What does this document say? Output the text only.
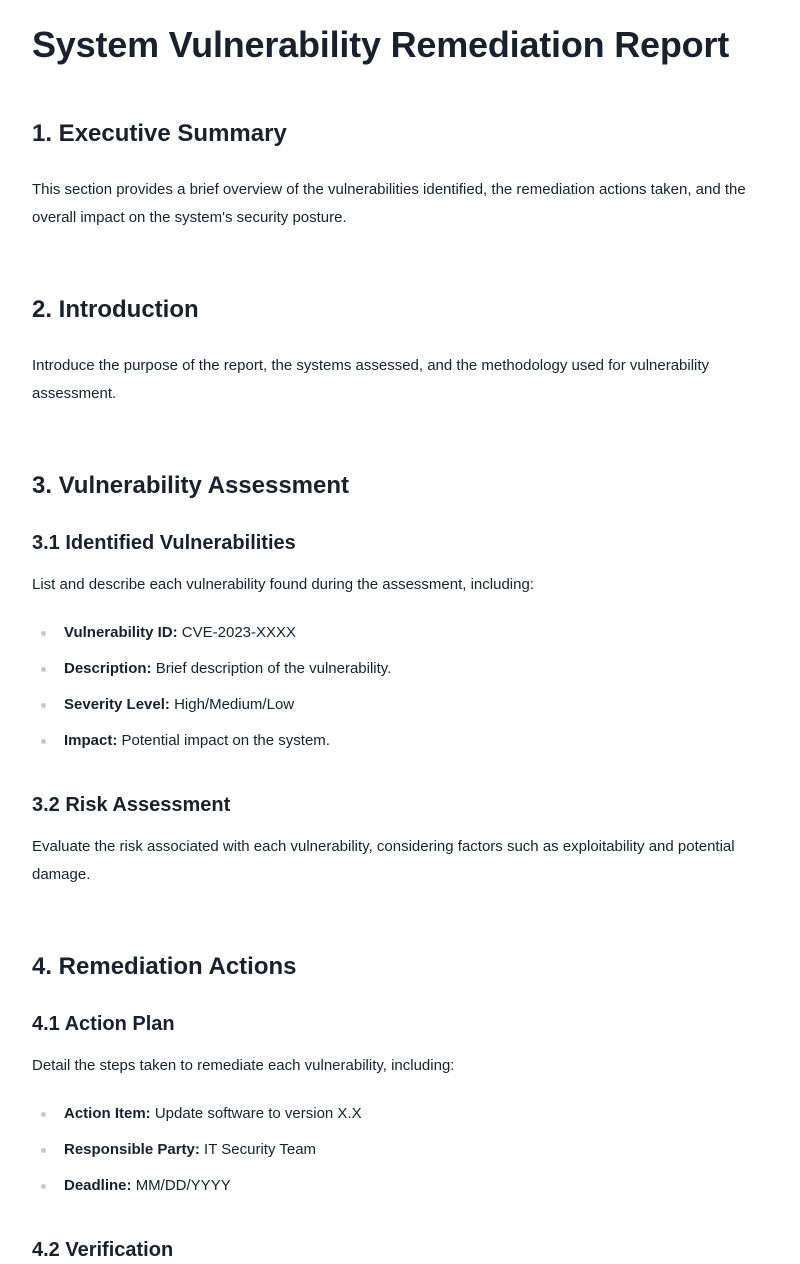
System Vulnerability Remediation Report
1. Executive Summary

This section provides a brief overview of the vulnerabilities identified, the remediation actions taken, and the overall impact on the system's security posture.

2. Introduction

Introduce the purpose of the report, the systems assessed, and the methodology used for vulnerability assessment.

3. Vulnerability Assessment
3.1 Identified Vulnerabilities

List and describe each vulnerability found during the assessment, including:

Vulnerability ID: CVE-2023-XXXX
Description: Brief description of the vulnerability.
Severity Level: High/Medium/Low
Impact: Potential impact on the system.
3.2 Risk Assessment

Evaluate the risk associated with each vulnerability, considering factors such as exploitability and potential damage.

4. Remediation Actions
4.1 Action Plan

Detail the steps taken to remediate each vulnerability, including:

Action Item: Update software to version X.X
Responsible Party: IT Security Team
Deadline: MM/DD/YYYY
4.2 Verification
